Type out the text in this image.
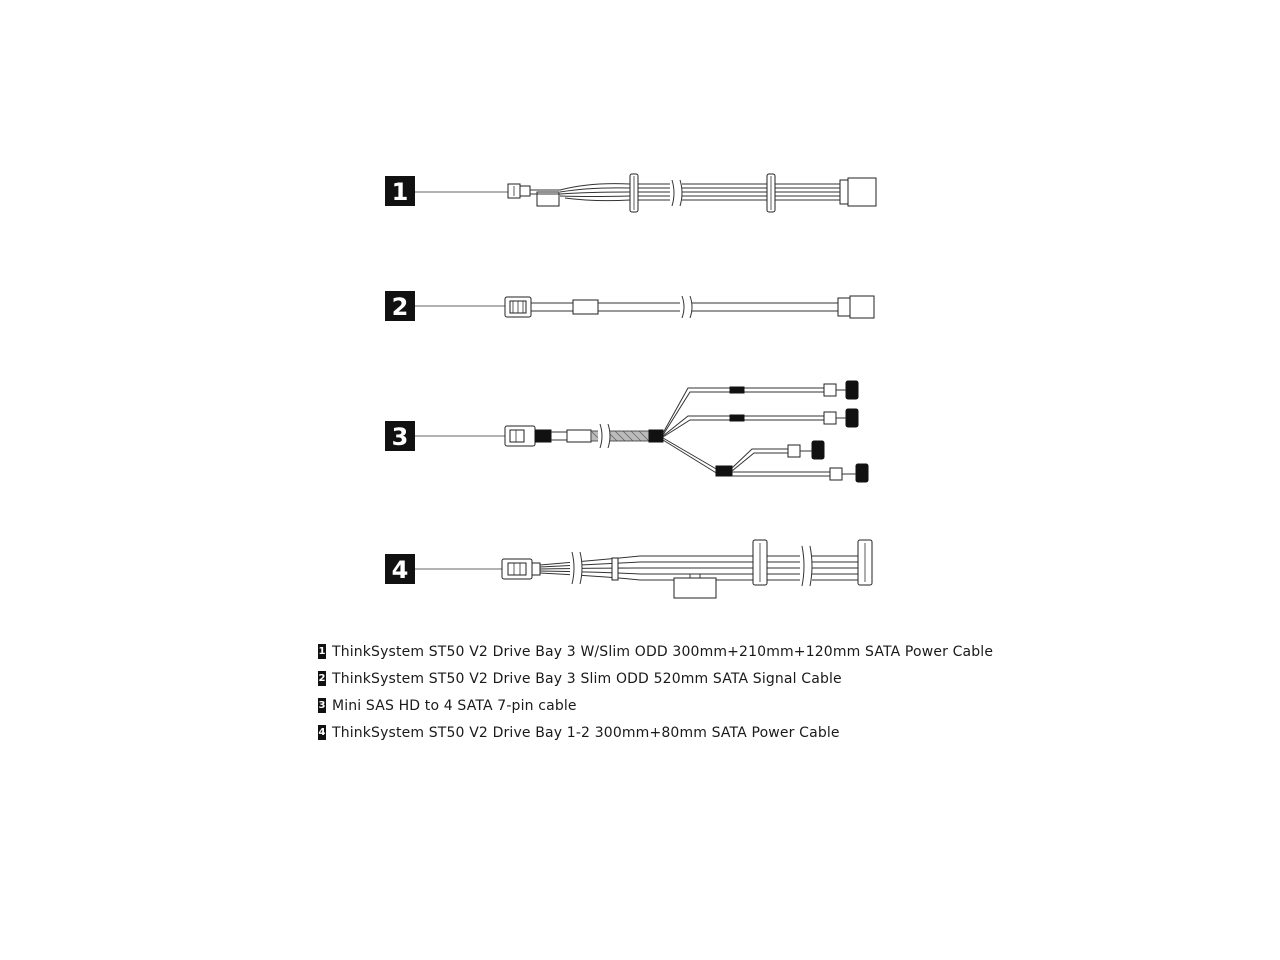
1
2
3
4
1 ThinkSystem ST50 V2 Drive Bay 3 W/Slim ODD 300mm+210mm+120mm SATA Power Cable
2 ThinkSystem ST50 V2 Drive Bay 3 Slim ODD 520mm SATA Signal Cable
3 Mini SAS HD to 4 SATA 7-pin cable
4 ThinkSystem ST50 V2 Drive Bay 1-2 300mm+80mm SATA Power Cable
